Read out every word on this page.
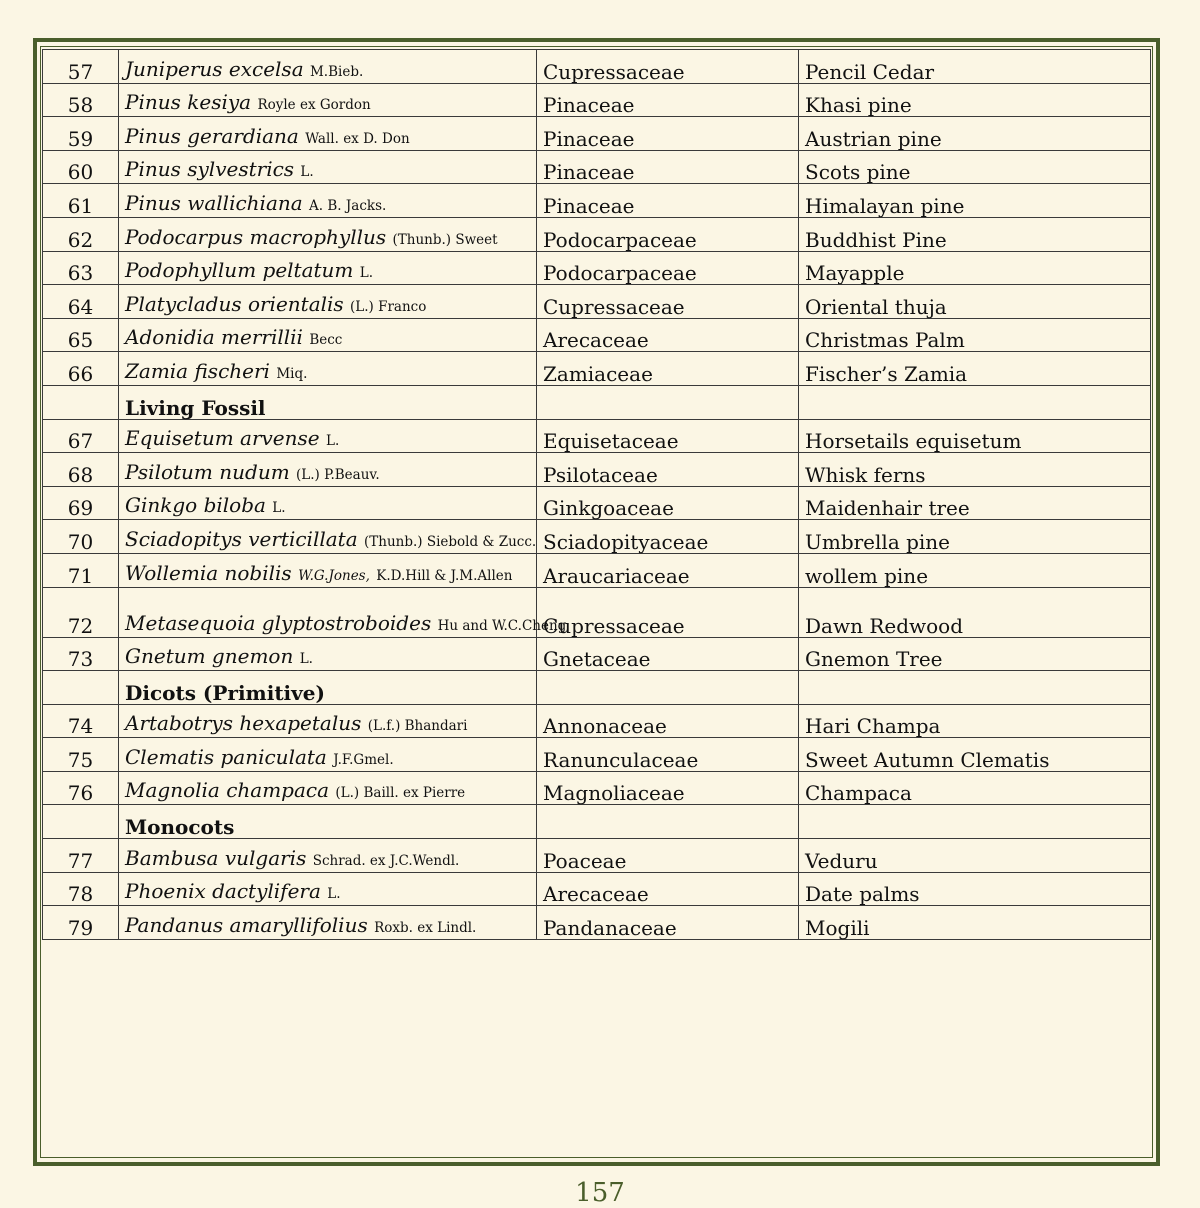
57	Juniperus excelsa M.Bieb.	Cupressaceae	Pencil Cedar
58	Pinus kesiya Royle ex Gordon	Pinaceae	Khasi pine
59	Pinus gerardiana Wall. ex D. Don	Pinaceae	Austrian pine
60	Pinus sylvestrics L.	Pinaceae	Scots pine
61	Pinus wallichiana A. B. Jacks.	Pinaceae	Himalayan pine
62	Podocarpus macrophyllus (Thunb.) Sweet	Podocarpaceae	Buddhist Pine
63	Podophyllum peltatum L.	Podocarpaceae	Mayapple
64	Platycladus orientalis (L.) Franco	Cupressaceae	Oriental thuja
65	Adonidia merrillii Becc	Arecaceae	Christmas Palm
66	Zamia fischeri Miq.	Zamiaceae	Fischer’s Zamia
	Living Fossil		
67	Equisetum arvense L.	Equisetaceae	Horsetails equisetum
68	Psilotum nudum (L.) P.Beauv.	Psilotaceae	Whisk ferns
69	Ginkgo biloba L.	Ginkgoaceae	Maidenhair tree
70	Sciadopitys verticillata (Thunb.) Siebold & Zucc.	Sciadopityaceae	Umbrella pine
71	Wollemia nobilis W.G.Jones, K.D.Hill & J.M.Allen	Araucariaceae	wollem pine
72	Metasequoia glyptostroboides Hu and W.C.Cheng	Cupressaceae	Dawn Redwood
73	Gnetum gnemon L.	Gnetaceae	Gnemon Tree
	Dicots (Primitive)		
74	Artabotrys hexapetalus (L.f.) Bhandari	Annonaceae	Hari Champa
75	Clematis paniculata J.F.Gmel.	Ranunculaceae	Sweet Autumn Clematis
76	Magnolia champaca (L.) Baill. ex Pierre	Magnoliaceae	Champaca
	Monocots		
77	Bambusa vulgaris Schrad. ex J.C.Wendl.	Poaceae	Veduru
78	Phoenix dactylifera L.	Arecaceae	Date palms
79	Pandanus amaryllifolius Roxb. ex Lindl.	Pandanaceae	Mogili
157
